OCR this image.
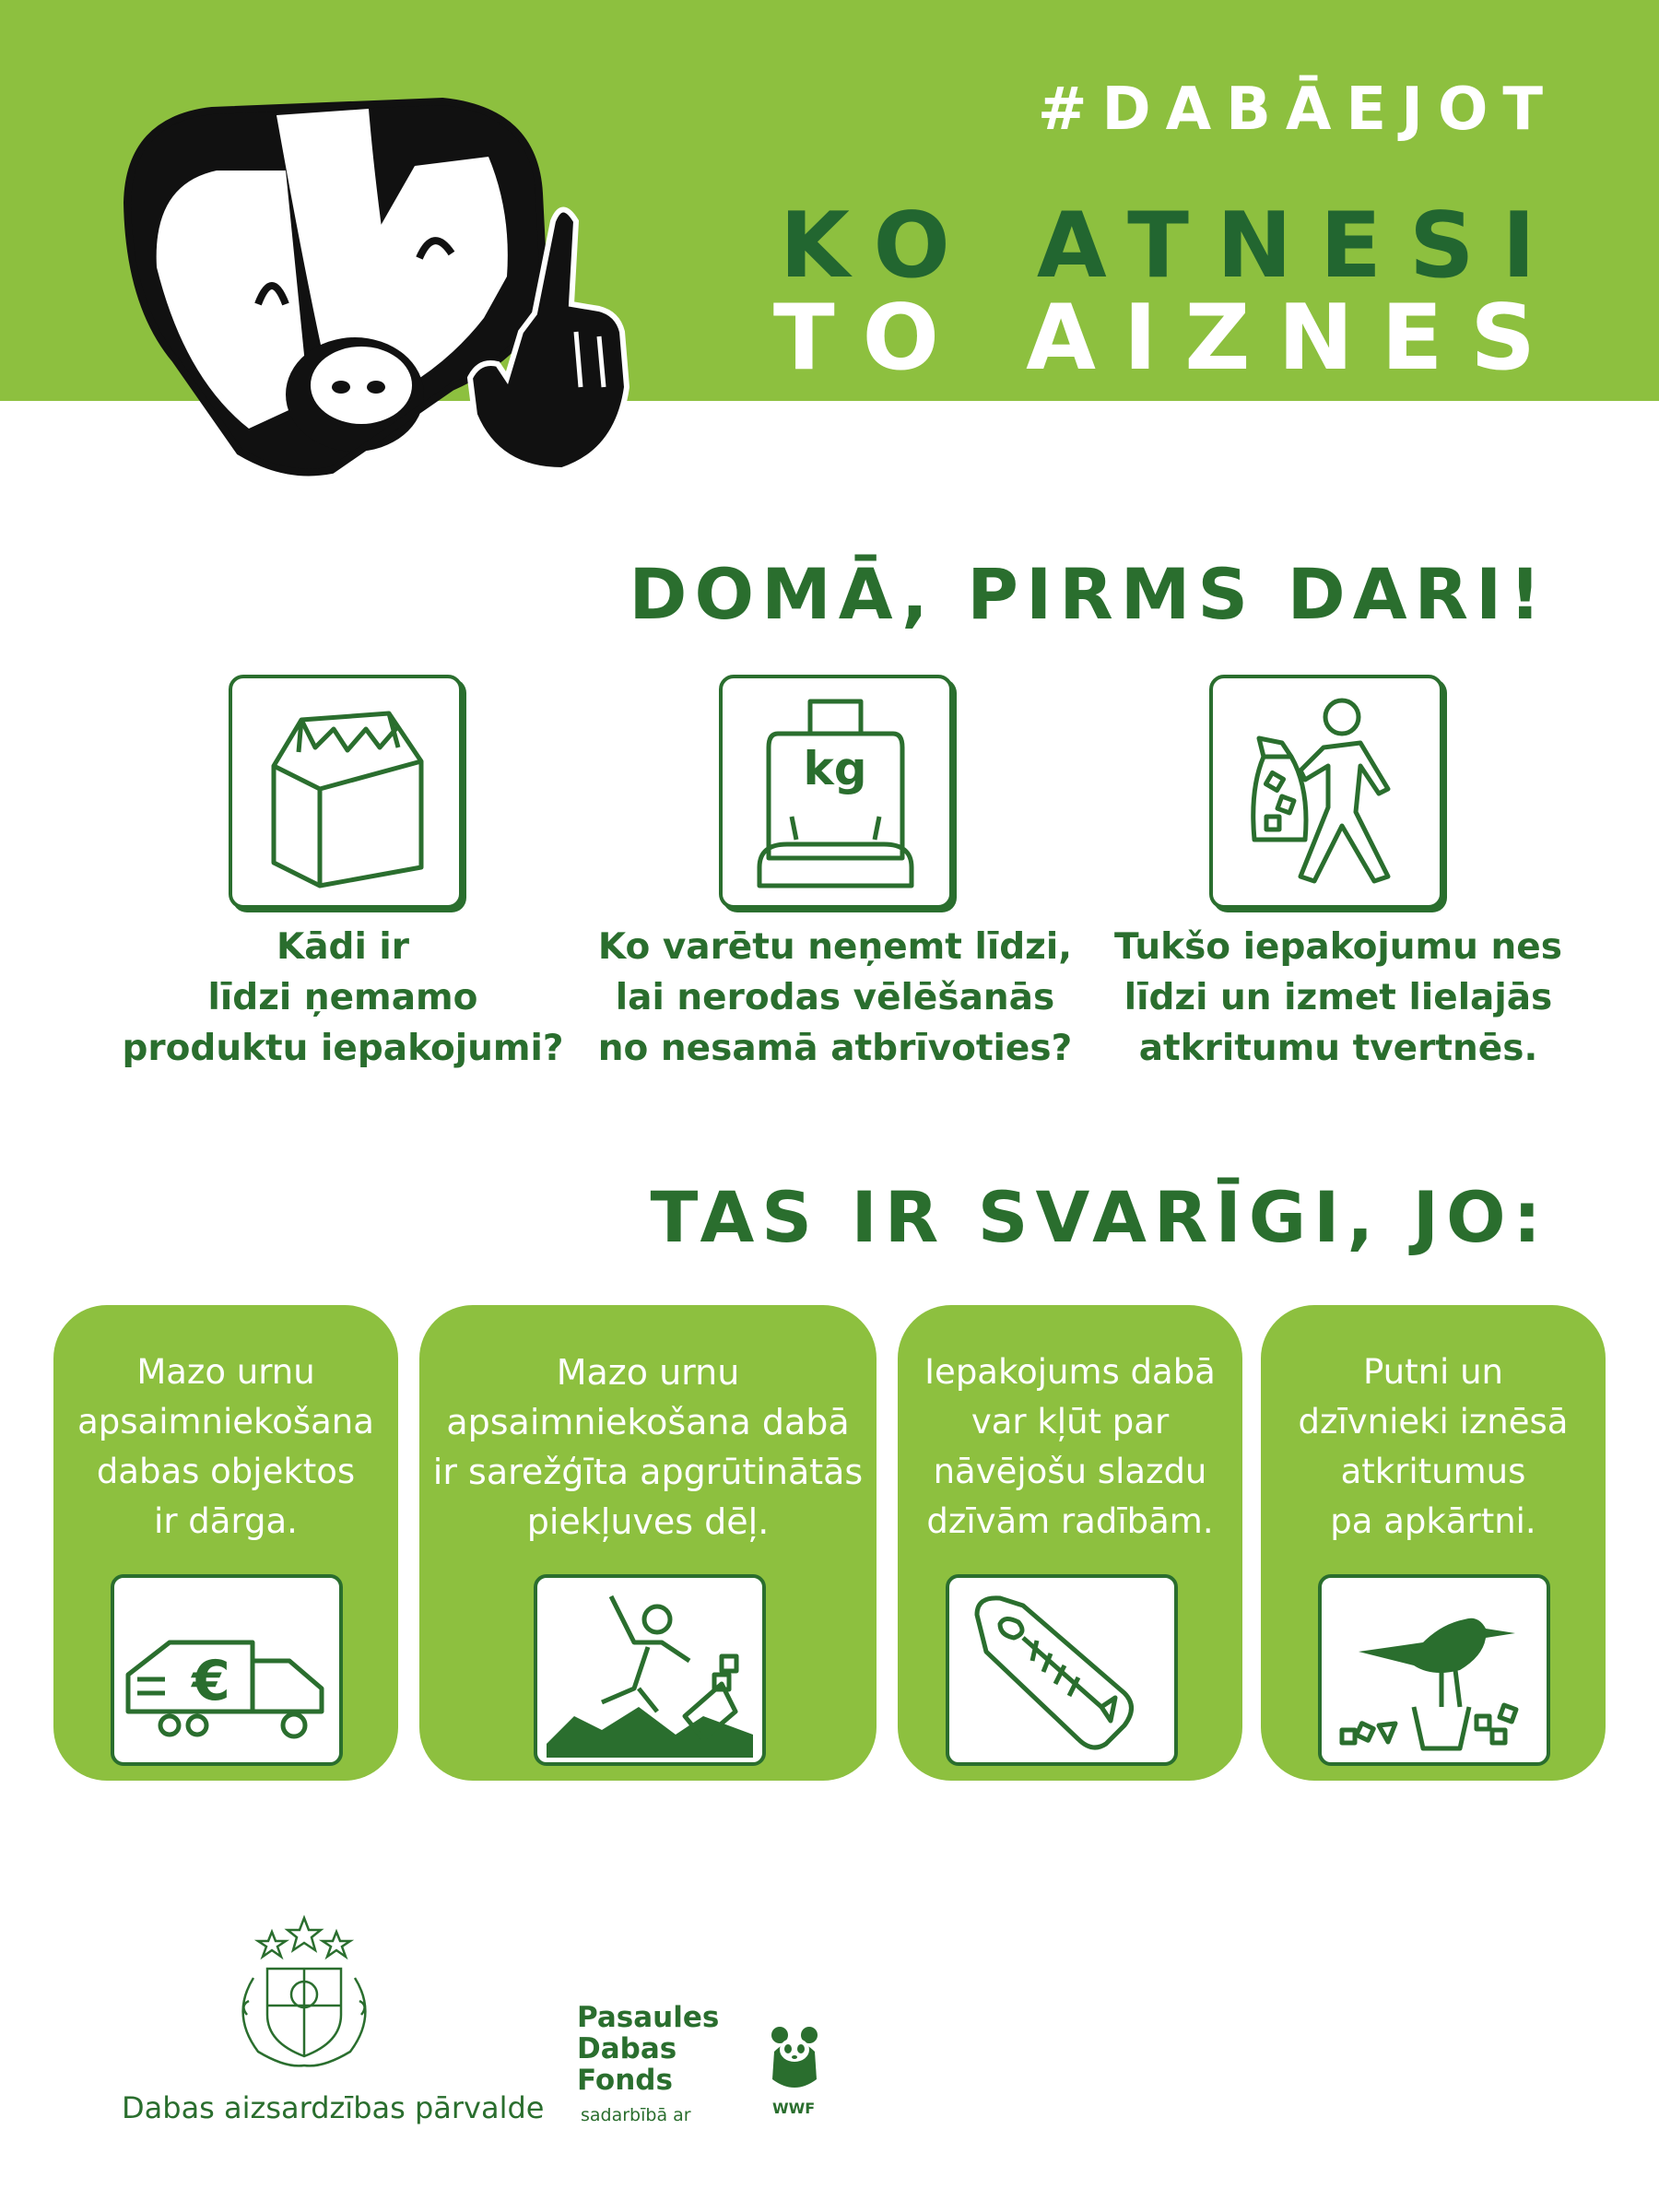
#DABĀEJOT
KO ATNESI
TO AIZNES
DOMĀ, PIRMS DARI!
kg
Kādi ir
līdzi ņemamo
produktu iepakojumi?
Ko varētu neņemt līdzi,
lai nerodas vēlēšanās
no nesamā atbrīvoties?
Tukšo iepakojumu nes
līdzi un izmet lielajās
atkritumu tvertnēs.
TAS IR SVARĪGI, JO:
Mazo urnu
apsaimniekošana
dabas objektos
ir dārga.
€
Mazo urnu
apsaimniekošana dabā
ir sarežģīta apgrūtinātās
piekļuves dēļ.
Iepakojums dabā
var kļūt par
nāvējošu slazdu
dzīvām radībām.
Putni un
dzīvnieki iznēsā
atkritumus
pa apkārtni.
Dabas aizsardzības pārvalde
Pasaules
Dabas
Fonds
sadarbībā ar	WWF
